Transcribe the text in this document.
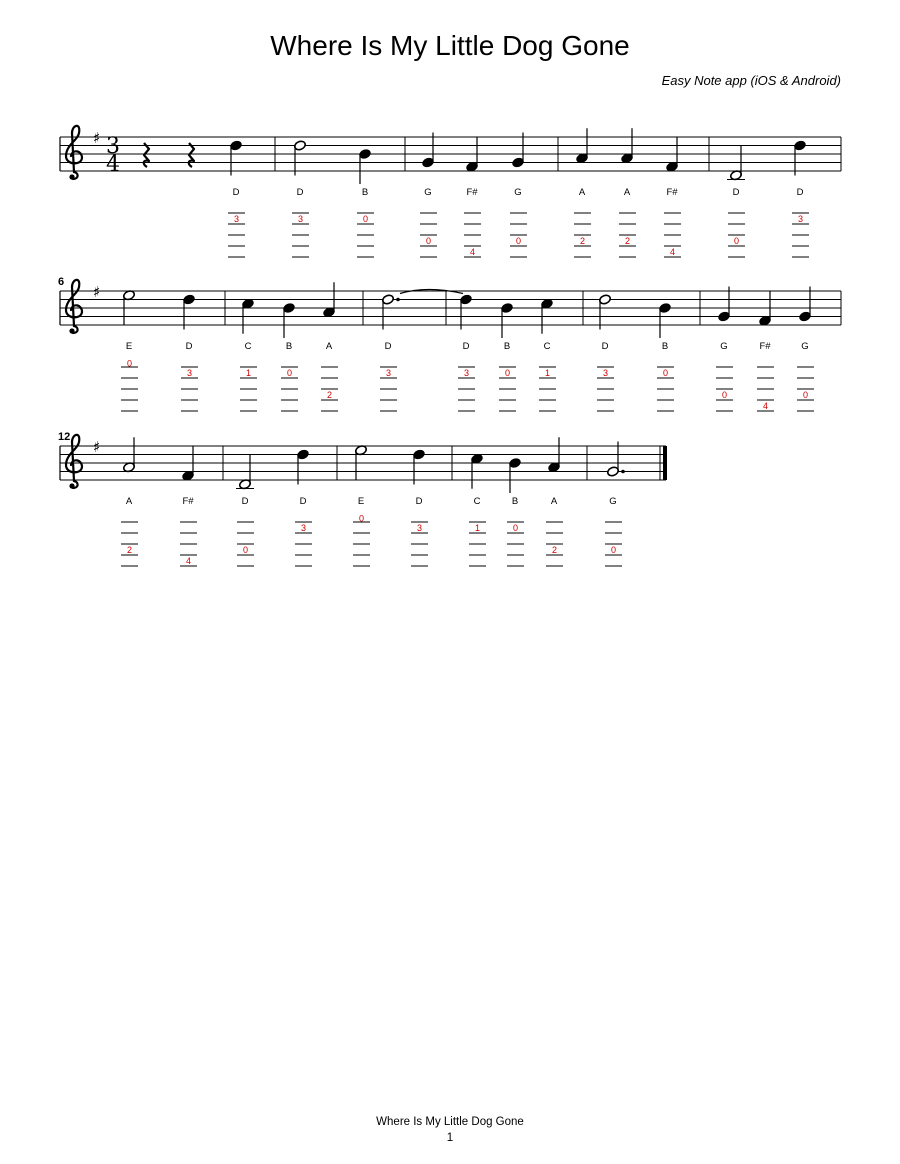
Where Is My Little Dog Gone
Easy Note app (iOS & Android)
3
4
D
3
D
3
B
0
G
0
F#
4
G
0
A
2
A
2
F#
4
D
0
D
3
♯
6
E
0
D
3
C
1
B
0
A
2
D
3
D
3
B
0
C
1
D
3
B
0
G
0
F#
4
G
0
♯
12
A
2
F#
4
D
0
D
3
E
0
D
3
C
1
B
0
A
2
G
0
♯
Where Is My Little Dog Gone
1
